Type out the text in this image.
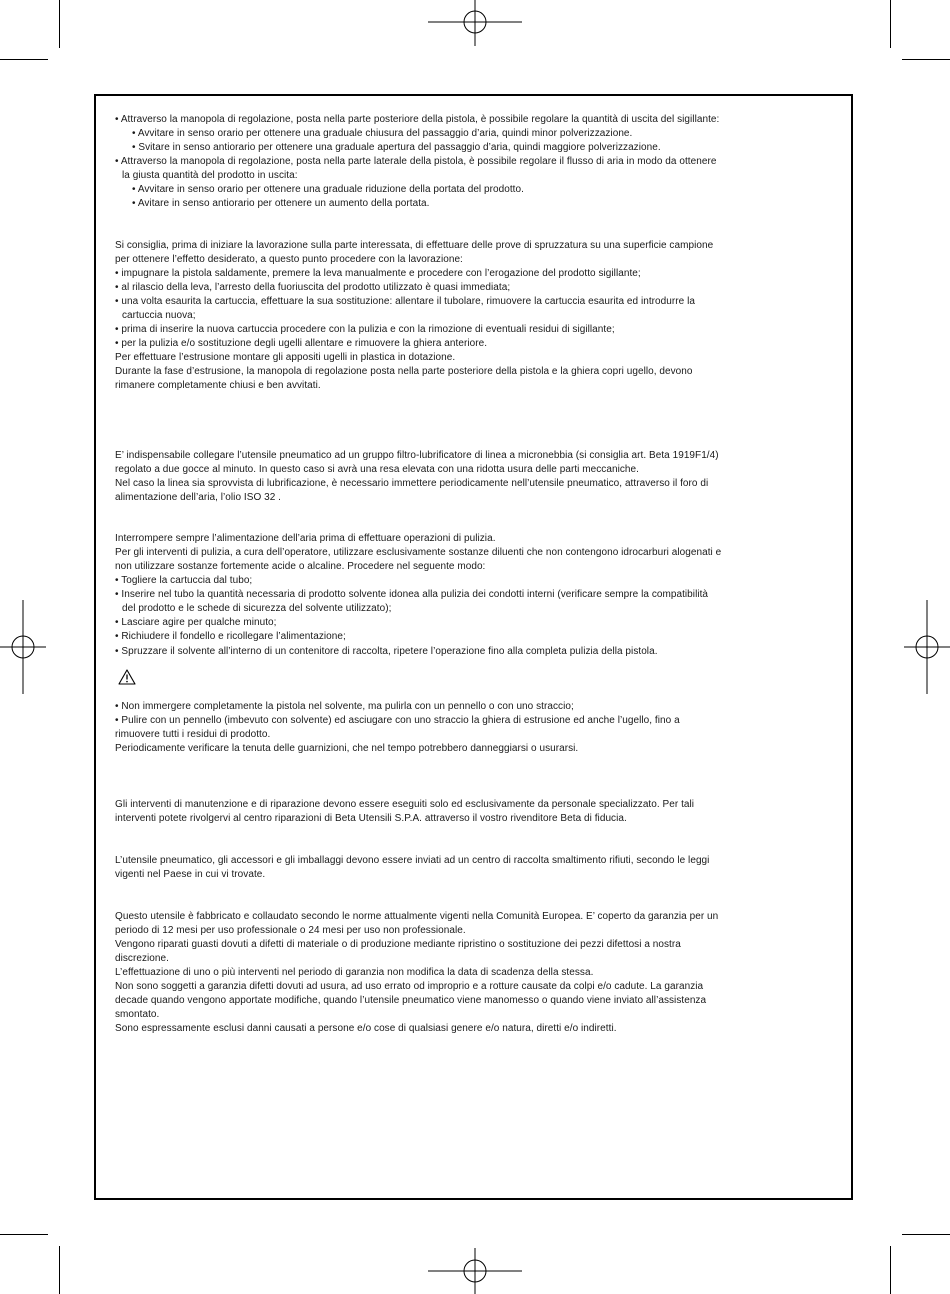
• Attraverso la manopola di regolazione, posta nella parte posteriore della pistola, è possibile regolare la quantità di uscita del sigillante:
• Avvitare in senso orario per ottenere una graduale chiusura del passaggio d’aria, quindi minor polverizzazione.
• Svitare in senso antiorario per ottenere una graduale apertura del passaggio d’aria, quindi maggiore polverizzazione.
• Attraverso la manopola di regolazione, posta nella parte laterale della pistola, è possibile regolare il flusso di aria in modo da ottenere
la giusta quantità del prodotto in uscita:
• Avvitare in senso orario per ottenere una graduale riduzione della portata del prodotto.
• Avitare in senso antiorario per ottenere un aumento della portata.
Si consiglia, prima di iniziare la lavorazione sulla parte interessata, di effettuare delle prove di spruzzatura su una superficie campione
per ottenere l’effetto desiderato, a questo punto procedere con la lavorazione:
• impugnare la pistola saldamente, premere la leva manualmente e procedere con l’erogazione del prodotto sigillante;
• al rilascio della leva, l’arresto della fuoriuscita del prodotto utilizzato è quasi immediata;
• una volta esaurita la cartuccia, effettuare la sua sostituzione: allentare il tubolare, rimuovere la cartuccia esaurita ed introdurre la
cartuccia nuova;
• prima di inserire la nuova cartuccia procedere con la pulizia e con la rimozione di eventuali residui di sigillante;
• per la pulizia e/o sostituzione degli ugelli allentare e rimuovere la ghiera anteriore.
Per effettuare l’estrusione montare gli appositi ugelli in plastica in dotazione.
Durante la fase d’estrusione, la manopola di regolazione posta nella parte posteriore della pistola e la ghiera copri ugello, devono
rimanere completamente chiusi e ben avvitati.
E’ indispensabile collegare l’utensile pneumatico ad un gruppo filtro-lubrificatore di linea a micronebbia (si consiglia art. Beta 1919F1/4)
regolato a due gocce al minuto. In questo caso si avrà una resa elevata con una ridotta usura delle parti meccaniche.
Nel caso la linea sia sprovvista di lubrificazione, è necessario immettere periodicamente nell’utensile pneumatico, attraverso il foro di
alimentazione dell’aria, l’olio ISO 32 .
Interrompere sempre l’alimentazione dell’aria prima di effettuare operazioni di pulizia.
Per gli interventi di pulizia, a cura dell’operatore, utilizzare esclusivamente sostanze diluenti che non contengono idrocarburi alogenati e
non utilizzare sostanze fortemente acide o alcaline. Procedere nel seguente modo:
• Togliere la cartuccia dal tubo;
• Inserire nel tubo la quantità necessaria di prodotto solvente idonea alla pulizia dei condotti interni (verificare sempre la compatibilità
del prodotto e le schede di sicurezza del solvente utilizzato);
• Lasciare agire per qualche minuto;
• Richiudere il fondello e ricollegare l’alimentazione;
• Spruzzare il solvente all’interno di un contenitore di raccolta, ripetere l’operazione fino alla completa pulizia della pistola.
• Non immergere completamente la pistola nel solvente, ma pulirla con un pennello o con uno straccio;
• Pulire con un pennello (imbevuto con solvente) ed asciugare con uno straccio la ghiera di estrusione ed anche l’ugello, fino a
rimuovere tutti i residui di prodotto.
Periodicamente verificare la tenuta delle guarnizioni, che nel tempo potrebbero danneggiarsi o usurarsi.
Gli interventi di manutenzione e di riparazione devono essere eseguiti solo ed esclusivamente da personale specializzato. Per tali
interventi potete rivolgervi al centro riparazioni di Beta Utensili S.P.A. attraverso il vostro rivenditore Beta di fiducia.
L’utensile pneumatico, gli accessori e gli imballaggi devono essere inviati ad un centro di raccolta smaltimento rifiuti, secondo le leggi
vigenti nel Paese in cui vi trovate.
Questo utensile è fabbricato e collaudato secondo le norme attualmente vigenti nella Comunità Europea. E’ coperto da garanzia per un
periodo di 12 mesi per uso professionale o 24 mesi per uso non professionale.
Vengono riparati guasti dovuti a difetti di materiale o di produzione mediante ripristino o sostituzione dei pezzi difettosi a nostra
discrezione.
L’effettuazione di uno o più interventi nel periodo di garanzia non modifica la data di scadenza della stessa.
Non sono soggetti a garanzia difetti dovuti ad usura, ad uso errato od improprio e a rotture causate da colpi e/o cadute. La garanzia
decade quando vengono apportate modifiche, quando l’utensile pneumatico viene manomesso o quando viene inviato all’assistenza
smontato.
Sono espressamente esclusi danni causati a persone e/o cose di qualsiasi genere e/o natura, diretti e/o indiretti.
